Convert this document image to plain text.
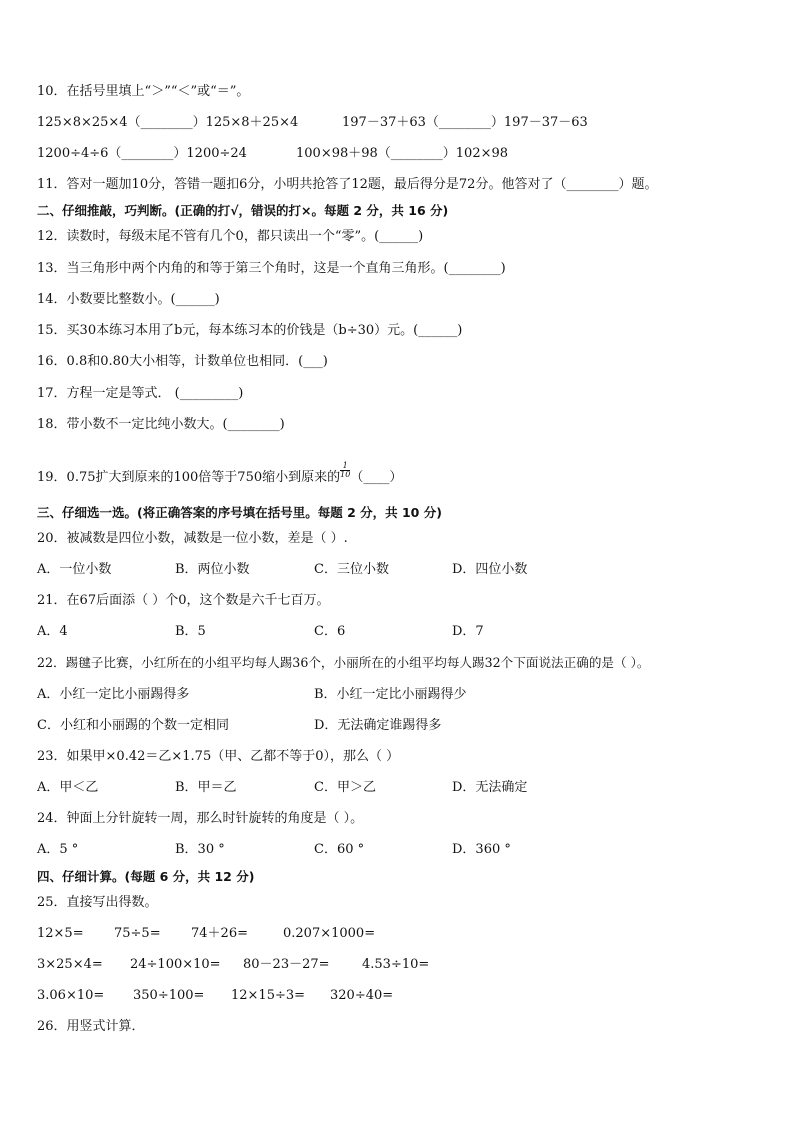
10．在括号里填上“＞”“＜”或“＝”。
125×8×25×4（________）125×8＋25×4	197－37＋63（________）197－37－63
1200÷4÷6（________）1200÷24	100×98＋98（________）102×98
11．答对一题加10分，答错一题扣6分，小明共抢答了12题，最后得分是72分。他答对了（________）题。
二、仔细推敲，巧判断。(正确的打√，错误的打×。每题 2 分，共 16 分)
12．读数时，每级末尾不管有几个0，都只读出一个“零”。(______)
13．当三角形中两个内角的和等于第三个角时，这是一个直角三角形。(________)
14．小数要比整数小。(______)
15．买30本练习本用了b元，每本练习本的价钱是（b÷30）元。(______)
16．0.8和0.80大小相等，计数单位也相同．(___)
17．方程一定是等式． (_________)
18．带小数不一定比纯小数大。(________)
19．0.75扩大到原来的100倍等于750缩小到原来的 $\frac{1}{10}$ （____）
三、仔细选一选。(将正确答案的序号填在括号里。每题 2 分，共 10 分)
20．被减数是四位小数，减数是一位小数，差是（ ）.
A．一位小数	B．两位小数	C．三位小数	D．四位小数
21．在67后面添（ ）个0，这个数是六千七百万。
A．4	B．5	C．6	D．7
22．踢毽子比赛，小红所在的小组平均每人踢36个，小丽所在的小组平均每人踢32个下面说法正确的是（ ）。
A．小红一定比小丽踢得多	B．小红一定比小丽踢得少
C．小红和小丽踢的个数一定相同	D．无法确定谁踢得多
23．如果甲×0.42＝乙×1.75（甲、乙都不等于0），那么（ ）
A．甲＜乙	B．甲＝乙	C．甲＞乙	D．无法确定
24．钟面上分针旋转一周，那么时针旋转的角度是（ ）。
A．5 °	B．30 °	C．60 °	D．360 °
四、仔细计算。(每题 6 分，共 12 分)
25．直接写出得数。
12×5= 75÷5= 74＋26=	0.207×1000=
3×25×4= 24÷100×10= 80－23－27= 4.53÷10=
3.06×10= 350÷100= 12×15÷3= 320÷40=
26．用竖式计算．
